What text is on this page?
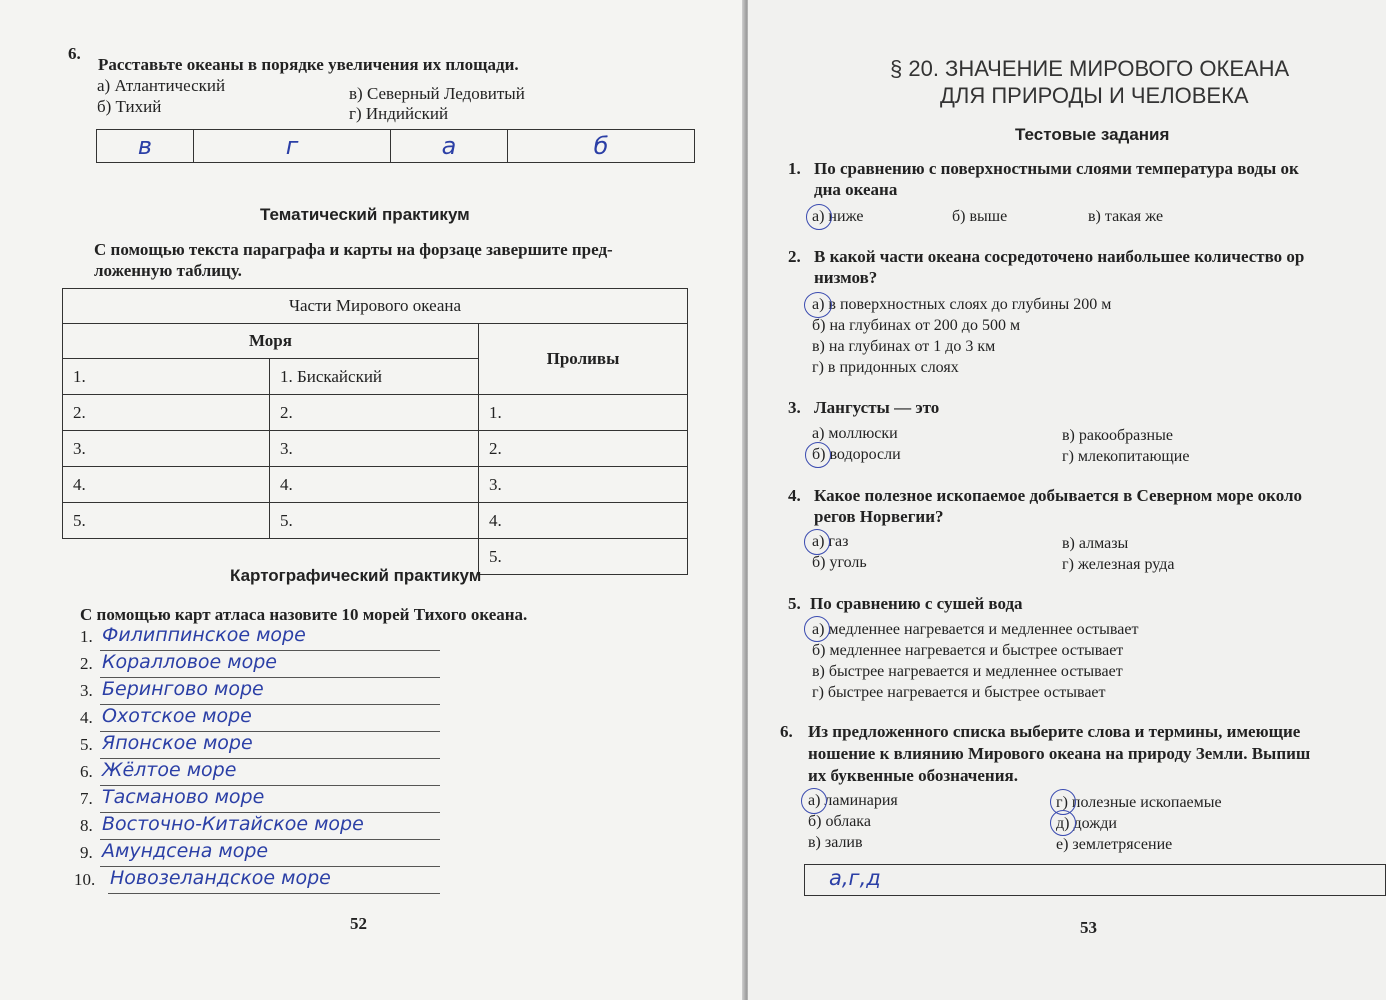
6.
Расставьте океаны в порядке увеличения их площади.
а) Атлантический
б) Тихий
в) Северный Ледовитый
г) Индийский
в	г	а	б
Тематический практикум
С помощью текста параграфа и карты на форзаце завершите пред-
ложенную таблицу.
Части Мирового океана		
Моря		Проливы
1.	1. Бискайский	
2.	2.	1.
3.	3.	2.
4.	4.	3.
5.	5.	4.
		5.
Картографический практикум
С помощью карт атласа назовите 10 морей Тихого океана.
1. Филиппинское море
2. Коралловое море
3. Берингово море
4. Охотское море
5. Японское море
6. Жёлтое море
7. Тасманово море
8. Восточно-Китайское море
9. Амундсена море
10. Новозеландское море
52
§ 20. ЗНАЧЕНИЕ МИРОВОГО ОКЕАНА
ДЛЯ ПРИРОДЫ И ЧЕЛОВЕКА
Тестовые задания
1. По сравнению с поверхностными слоями температура воды ок
дна океана
а) ниже	б) выше	в) такая же
2. В какой части океана сосредоточено наибольшее количество ор
низмов?
а) в поверхностных слоях до глубины 200 м
б) на глубинах от 200 до 500 м
в) на глубинах от 1 до 3 км
г) в придонных слоях
3. Лангусты — это
а) моллюски
б) водоросли
в) ракообразные
г) млекопитающие
4. Какое полезное ископаемое добывается в Северном море около
регов Норвегии?
а) газ
б) уголь
в) алмазы
г) железная руда
5. По сравнению с сушей вода
а) медленнее нагревается и медленнее остывает
б) медленнее нагревается и быстрее остывает
в) быстрее нагревается и медленнее остывает
г) быстрее нагревается и быстрее остывает
6. Из предложенного списка выберите слова и термины, имеющие
ношение к влиянию Мирового океана на природу Земли. Выпиш
их буквенные обозначения.
а) ламинария
б) облака
в) залив
г) полезные ископаемые
д) дожди
е) землетрясение
а,г,д
53
